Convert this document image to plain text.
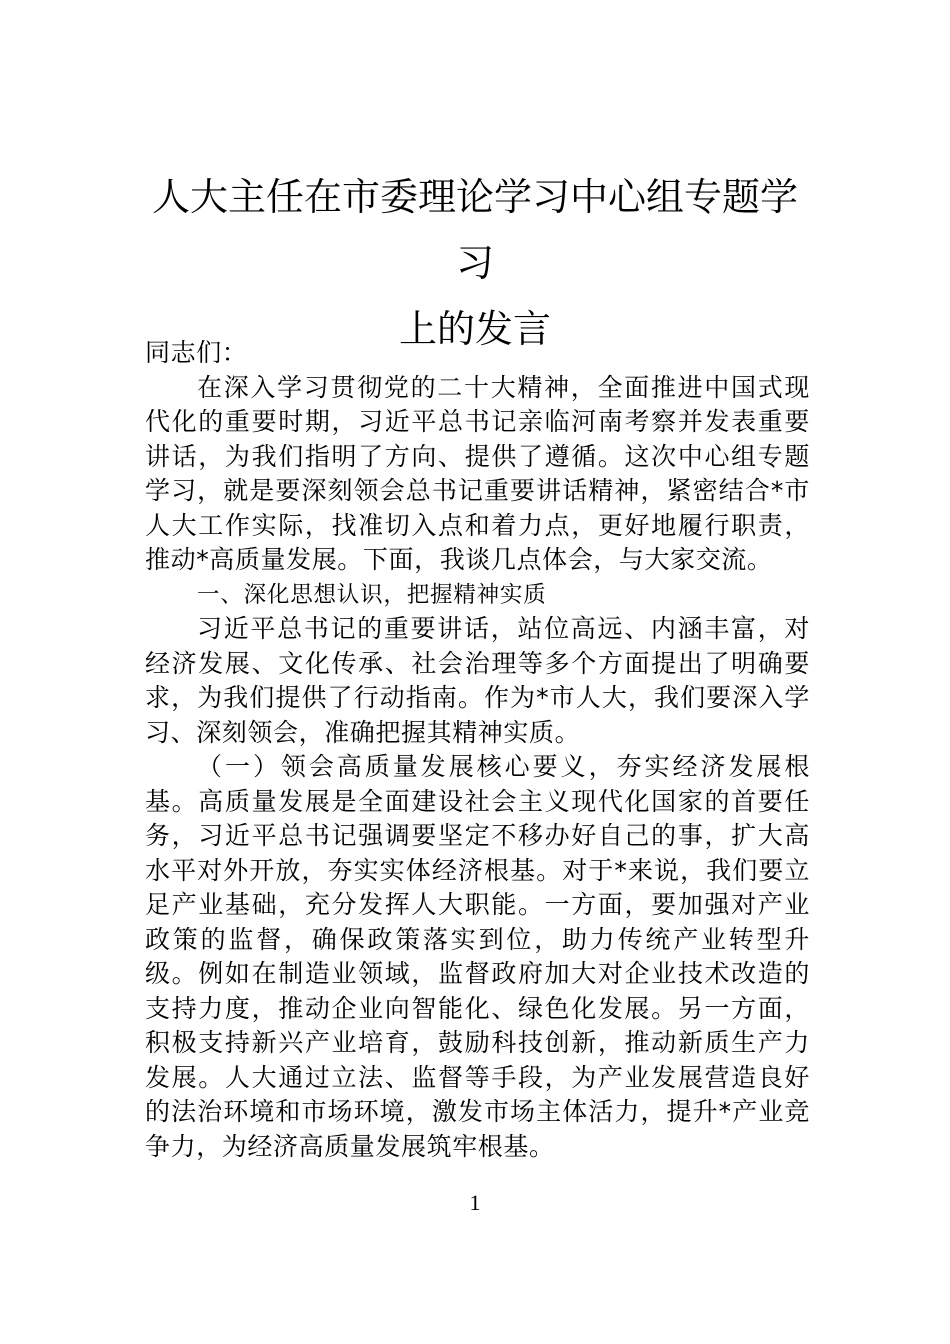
人大主任在市委理论学习中心组专题学习
上的发言

同志们：

在深入学习贯彻党的二十大精神，全面推进中国式现代化的重要时期，习近平总书记亲临河南考察并发表重要讲话，为我们指明了方向、提供了遵循。这次中心组专题学习，就是要深刻领会总书记重要讲话精神，紧密结合*市人大工作实际，找准切入点和着力点，更好地履行职责，推动*高质量发展。下面，我谈几点体会，与大家交流。

一、深化思想认识，把握精神实质

习近平总书记的重要讲话，站位高远、内涵丰富，对经济发展、文化传承、社会治理等多个方面提出了明确要求，为我们提供了行动指南。作为*市人大，我们要深入学习、深刻领会，准确把握其精神实质。

（一）领会高质量发展核心要义，夯实经济发展根基。高质量发展是全面建设社会主义现代化国家的首要任务，习近平总书记强调要坚定不移办好自己的事，扩大高水平对外开放，夯实实体经济根基。对于*来说，我们要立足产业基础，充分发挥人大职能。一方面，要加强对产业政策的监督，确保政策落实到位，助力传统产业转型升级。例如在制造业领域，监督政府加大对企业技术改造的支持力度，推动企业向智能化、绿色化发展。另一方面，积极支持新兴产业培育，鼓励科技创新，推动新质生产力发展。人大通过立法、监督等手段，为产业发展营造良好的法治环境和市场环境，激发市场主体活力，提升*产业竞争力，为经济高质量发展筑牢根基。

1
